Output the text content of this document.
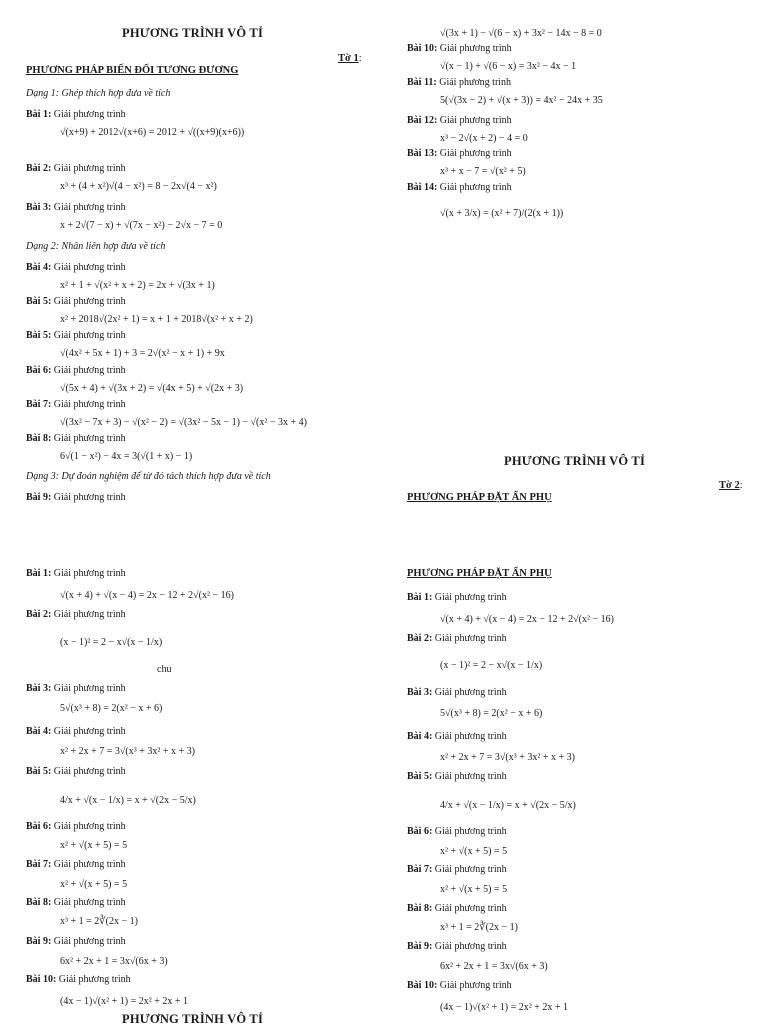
PHƯƠNG TRÌNH VÔ TỈ
Tờ 1:
PHƯƠNG PHÁP BIẾN ĐỔI TƯƠNG ĐƯƠNG
Dạng 1: Ghép thích hợp đưa về tích
Bài 1: Giải phương trình
√(x+9) + 2012√(x+6) = 2012 + √((x+9)(x+6))
Bài 2: Giải phương trình
x³ + (4 + x²)√(4 − x²) = 8 − 2x√(4 − x²)
Bài 3: Giải phương trình
x + 2√(7 − x) + √(7x − x²) − 2√x − 7 = 0
Dạng 2: Nhân liên hợp đưa về tích
Bài 4: Giải phương trình
x² + 1 + √(x² + x + 2) = 2x + √(3x + 1)
Bài 5: Giải phương trình
x² + 2018√(2x² + 1) = x + 1 + 2018√(x² + x + 2)
Bài 5: Giải phương trình
√(4x² + 5x + 1) + 3 = 2√(x² − x + 1) + 9x
Bài 6: Giải phương trình
√(5x + 4) + √(3x + 2) = √(4x + 5) + √(2x + 3)
Bài 7: Giải phương trình
√(3x² − 7x + 3) − √(x² − 2) = √(3x² − 5x − 1) − √(x² − 3x + 4)
Bài 8: Giải phương trình
6√(1 − x²) − 4x = 3(√(1 + x) − 1)
Dạng 3: Dự đoán nghiệm để từ đó tách thích hợp đưa về tích
Bài 9: Giải phương trình
√(3x + 1) − √(6 − x) + 3x² − 14x − 8 = 0
Bài 10: Giải phương trình
√(x − 1) + √(6 − x) = 3x² − 4x − 1
Bài 11: Giải phương trình
5(√(3x − 2) + √(x + 3)) = 4x² − 24x + 35
Bài 12: Giải phương trình
x³ − 2√(x + 2) − 4 = 0
Bài 13: Giải phương trình
x³ + x − 7 = √(x² + 5)
Bài 14: Giải phương trình
√(x + 3/x) = (x² + 7)/(2(x + 1))
PHƯƠNG TRÌNH VÔ TỈ
Tờ 2:
PHƯƠNG PHÁP ĐẶT ẨN PHỤ
Bài 1: Giải phương trình
√(x + 4) + √(x − 4) = 2x − 12 + 2√(x² − 16)
Bài 2: Giải phương trình
(x − 1)² = 2 − x√(x − 1/x)
chu
Bài 3: Giải phương trình
5√(x³ + 8) = 2(x² − x + 6)
Bài 4: Giải phương trình
x² + 2x + 7 = 3√(x³ + 3x² + x + 3)
Bài 5: Giải phương trình
4/x + √(x − 1/x) = x + √(2x − 5/x)
Bài 6: Giải phương trình
x² + √(x + 5) = 5
Bài 7: Giải phương trình
x² + √(x + 5) = 5
Bài 8: Giải phương trình
x³ + 1 = 2∛(2x − 1)
Bài 9: Giải phương trình
6x² + 2x + 1 = 3x√(6x + 3)
Bài 10: Giải phương trình
(4x − 1)√(x² + 1) = 2x² + 2x + 1
PHƯƠNG TRÌNH VÔ TỈ
PHƯƠNG PHÁP ĐẶT ẨN PHỤ
Bài 1: Giải phương trình
√(x + 4) + √(x − 4) = 2x − 12 + 2√(x² − 16)
Bài 2: Giải phương trình
(x − 1)² = 2 − x√(x − 1/x)
Bài 3: Giải phương trình
5√(x³ + 8) = 2(x² − x + 6)
Bài 4: Giải phương trình
x² + 2x + 7 = 3√(x³ + 3x² + x + 3)
Bài 5: Giải phương trình
4/x + √(x − 1/x) = x + √(2x − 5/x)
Bài 6: Giải phương trình
x² + √(x + 5) = 5
Bài 7: Giải phương trình
x² + √(x + 5) = 5
Bài 8: Giải phương trình
x³ + 1 = 2∛(2x − 1)
Bài 9: Giải phương trình
6x² + 2x + 1 = 3x√(6x + 3)
Bài 10: Giải phương trình
(4x − 1)√(x² + 1) = 2x² + 2x + 1
